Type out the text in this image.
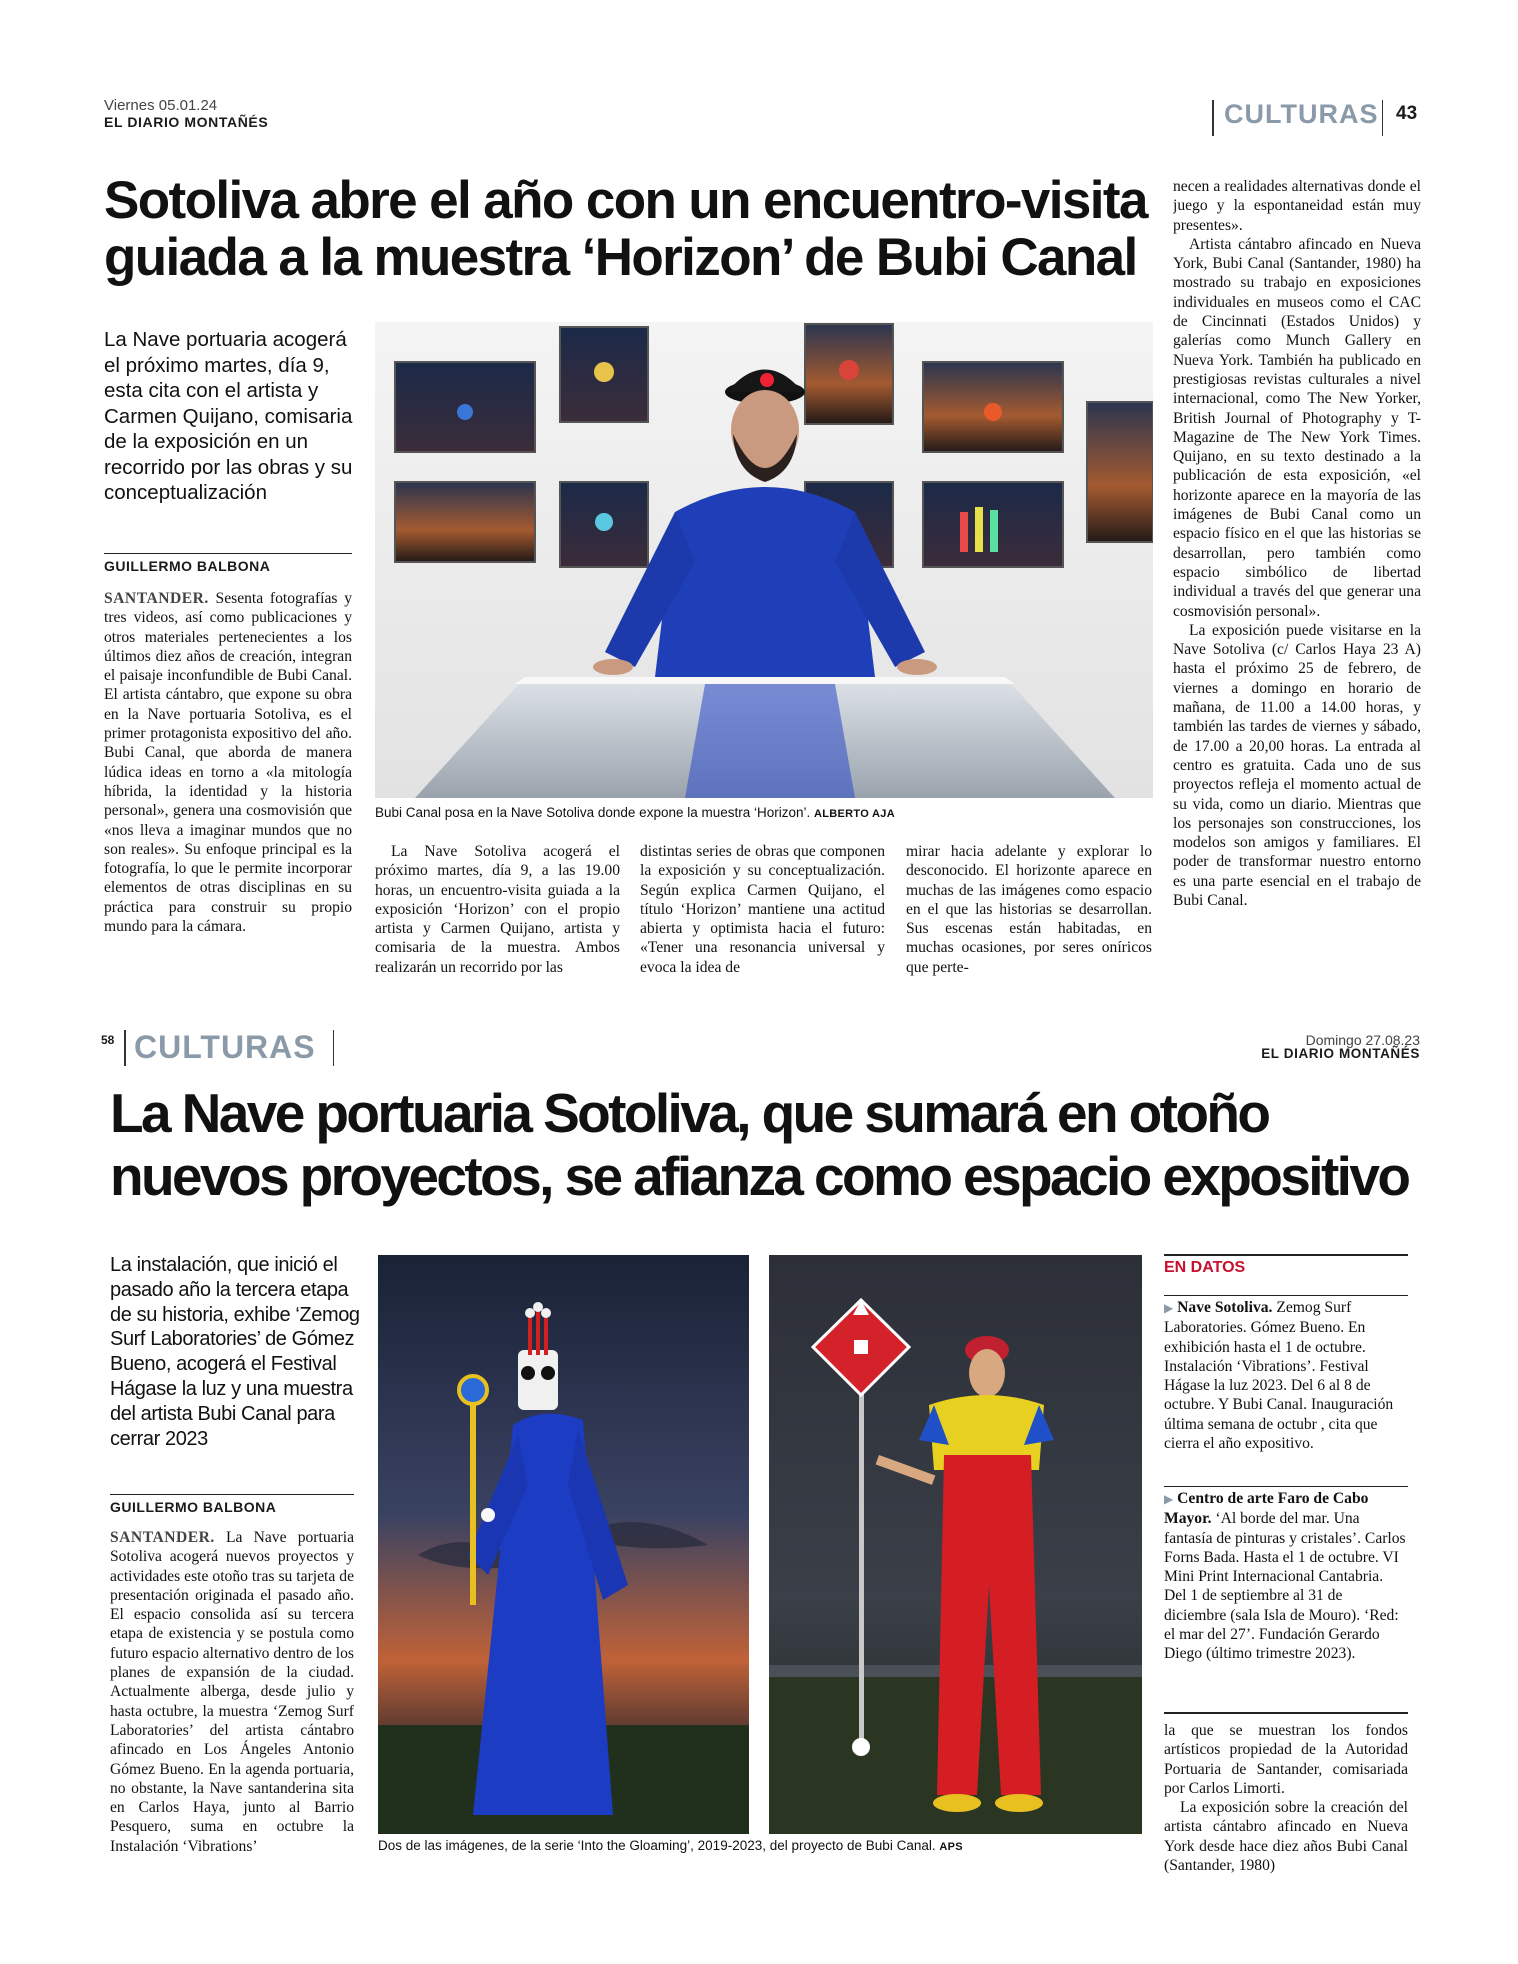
Viernes 05.01.24
EL DIARIO MONTAÑÉS	CULTURAS 43
Sotoliva abre el año con un encuentro-visita
guiada a la muestra ‘Horizon’ de Bubi Canal
La Nave portuaria acogerá el próximo martes, día 9, esta cita con el artista y Carmen Quijano, comisaria de la exposición en un recorrido por las obras y su conceptualización
GUILLERMO BALBONA

SANTANDER. Sesenta fotografías y tres videos, así como publicaciones y otros materiales pertenecientes a los últimos diez años de creación, integran el paisaje inconfundible de Bubi Canal. El artista cántabro, que expone su obra en la Nave portuaria Sotoliva, es el primer protagonista expositivo del año. Bubi Canal, que aborda de manera lúdica ideas en torno a «la mitología híbrida, la identidad y la historia personal», genera una cosmovisión que «nos lleva a imaginar mundos que no son reales». Su enfoque principal es la fotografía, lo que le permite incorporar elementos de otras disciplinas en su práctica para construir su propio mundo para la cámara.

Bubi Canal posa en la Nave Sotoliva donde expone la muestra ‘Horizon’. ALBERTO AJA

La Nave Sotoliva acogerá el próximo martes, día 9, a las 19.00 horas, un encuentro-visita guiada a la exposición ‘Horizon’ con el propio artista y Carmen Quijano, artista y comisaria de la muestra. Ambos realizarán un recorrido por las

distintas series de obras que componen la exposición y su conceptualización. Según explica Carmen Quijano, el título ‘Horizon’ mantiene una actitud abierta y optimista hacia el futuro: «Tener una resonancia universal y evoca la idea de

mirar hacia adelante y explorar lo desconocido. El horizonte aparece en muchas de las imágenes como espacio en el que las historias se desarrollan. Sus escenas están habitadas, en muchas ocasiones, por seres oníricos que perte-

necen a realidades alternativas donde el juego y la espontaneidad están muy presentes».

Artista cántabro afincado en Nueva York, Bubi Canal (Santander, 1980) ha mostrado su trabajo en exposiciones individuales en museos como el CAC de Cincinnati (Estados Unidos) y galerías como Munch Gallery en Nueva York. También ha publicado en prestigiosas revistas culturales a nivel internacional, como The New Yorker, British Journal of Photography y T-Magazine de The New York Times. Quijano, en su texto destinado a la publicación de esta exposición, «el horizonte aparece en la mayoría de las imágenes de Bubi Canal como un espacio físico en el que las historias se desarrollan, pero también como espacio simbólico de libertad individual a través del que generar una cosmovisión personal».

La exposición puede visitarse en la Nave Sotoliva (c/ Carlos Haya 23 A) hasta el próximo 25 de febrero, de viernes a domingo en horario de mañana, de 11.00 a 14.00 horas, y también las tardes de viernes y sábado, de 17.00 a 20,00 horas. La entrada al centro es gratuita. Cada uno de sus proyectos refleja el momento actual de su vida, como un diario. Mientras que los personajes son construcciones, los modelos son amigos y familiares. El poder de transformar nuestro entorno es una parte esencial en el trabajo de Bubi Canal.

58 CULTURAS	Domingo 27.08.23
EL DIARIO MONTAÑÉS
La Nave portuaria Sotoliva, que sumará en otoño
nuevos proyectos, se afianza como espacio expositivo
La instalación, que inició el pasado año la tercera etapa de su historia, exhibe ‘Zemog Surf Laboratories’ de Gómez Bueno, acogerá el Festival Hágase la luz y una muestra del artista Bubi Canal para cerrar 2023
GUILLERMO BALBONA

SANTANDER. La Nave portuaria Sotoliva acogerá nuevos proyectos y actividades este otoño tras su tarjeta de presentación originada el pasado año. El espacio consolida así su tercera etapa de existencia y se postula como futuro espacio alternativo dentro de los planes de expansión de la ciudad. Actualmente alberga, desde julio y hasta octubre, la muestra ‘Zemog Surf Laboratories’ del artista cántabro afincado en Los Ángeles Antonio Gómez Bueno. En la agenda portuaria, no obstante, la Nave santanderina sita en Carlos Haya, junto al Barrio Pesquero, suma en octubre la Instalación ‘Vibrations’	Dos de las imágenes, de la serie ‘Into the Gloaming’, 2019-2023, del proyecto de Bubi Canal. APS
EN DATOS
▶ Nave Sotoliva. Zemog Surf Laboratories. Gómez Bueno. En exhibición hasta el 1 de octubre. Instalación ‘Vibrations’. Festival Hágase la luz 2023. Del 6 al 8 de octubre. Y Bubi Canal. Inauguración última semana de octubr , cita que cierra el año expositivo.
▶ Centro de arte Faro de Cabo Mayor. ‘Al borde del mar. Una fantasía de pinturas y cristales’. Carlos Forns Bada. Hasta el 1 de octubre. VI Mini Print Internacional Cantabria. Del 1 de septiembre al 31 de diciembre (sala Isla de Mouro). ‘Red: el mar del 27’. Fundación Gerardo Diego (último trimestre 2023).

la que se muestran los fondos artísticos propiedad de la Autoridad Portuaria de Santander, comisariada por Carlos Limorti.

La exposición sobre la creación del artista cántabro afincado en Nueva York desde hace diez años Bubi Canal (Santander, 1980)
